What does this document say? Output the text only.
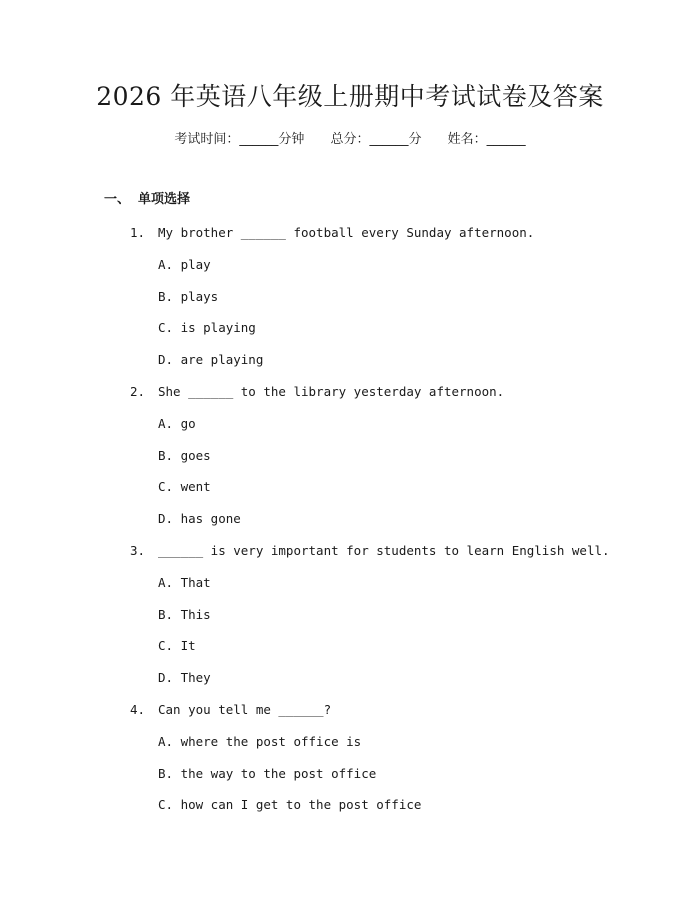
2026 年英语八年级上册期中考试试卷及答案
考试时间：______分钟 总分：______分 姓名：______
一、 单项选择
1. My brother ______ football every Sunday afternoon.
A. play
B. plays
C. is playing
D. are playing
2. She ______ to the library yesterday afternoon.
A. go
B. goes
C. went
D. has gone
3. ______ is very important for students to learn English well.
A. That
B. This
C. It
D. They
4. Can you tell me ______?
A. where the post office is
B. the way to the post office
C. how can I get to the post office
